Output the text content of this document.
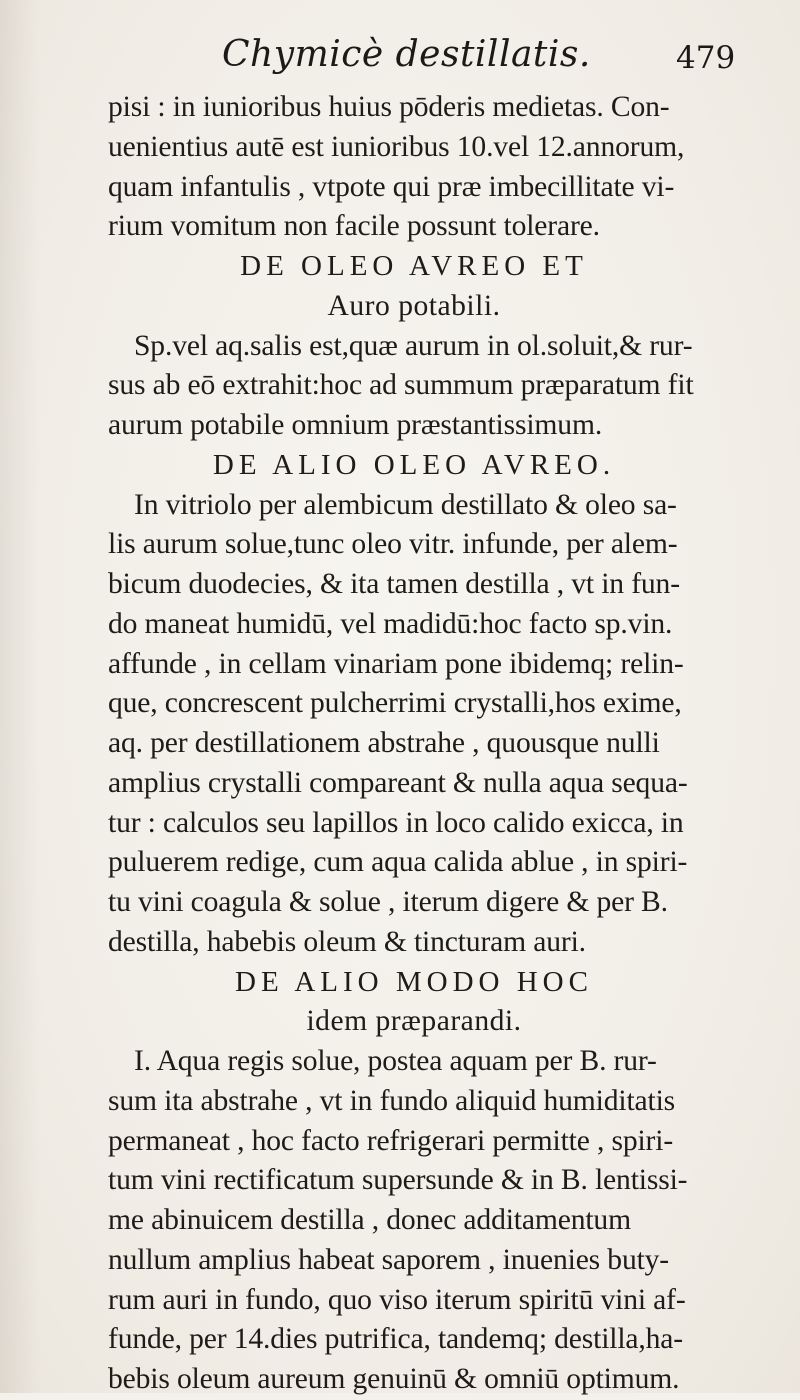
Chymicè destillatis.	479
pisi : in iunioribus huius pōderis medietas. Con-
uenientius autē est iunioribus 10.vel 12.annorum,
quam infantulis , vtpote qui præ imbecillitate vi-
rium vomitum non facile possunt tolerare.
DE OLEO AVREO ET
Auro potabili.
Sp.vel aq.salis est,quæ aurum in ol.soluit,& rur-
sus ab eō extrahit:hoc ad summum præparatum fit
aurum potabile omnium præstantissimum.
DE ALIO OLEO AVREO.
In vitriolo per alembicum destillato & oleo sa-
lis aurum solue,tunc oleo vitr. infunde, per alem-
bicum duodecies, & ita tamen destilla , vt in fun-
do maneat humidū, vel madidū:hoc facto sp.vin.
affunde , in cellam vinariam pone ibidemq; relin-
que, concrescent pulcherrimi crystalli,hos exime,
aq. per destillationem abstrahe , quousque nulli
amplius crystalli compareant & nulla aqua sequa-
tur : calculos seu lapillos in loco calido exicca, in
puluerem redige, cum aqua calida ablue , in spiri-
tu vini coagula & solue , iterum digere & per B.
destilla, habebis oleum & tincturam auri.
DE ALIO MODO HOC
idem præparandi.
I. Aqua regis solue, postea aquam per B. rur-
sum ita abstrahe , vt in fundo aliquid humiditatis
permaneat , hoc facto refrigerari permitte , spiri-
tum vini rectificatum supersunde & in B. lentissi-
me abinuicem destilla , donec additamentum
nullum amplius habeat saporem , inuenies buty-
rum auri in fundo, quo viso iterum spiritū vini af-
funde, per 14.dies putrifica, tandemq; destilla,ha-
bebis oleum aureum genuinū & omniū optimum.
